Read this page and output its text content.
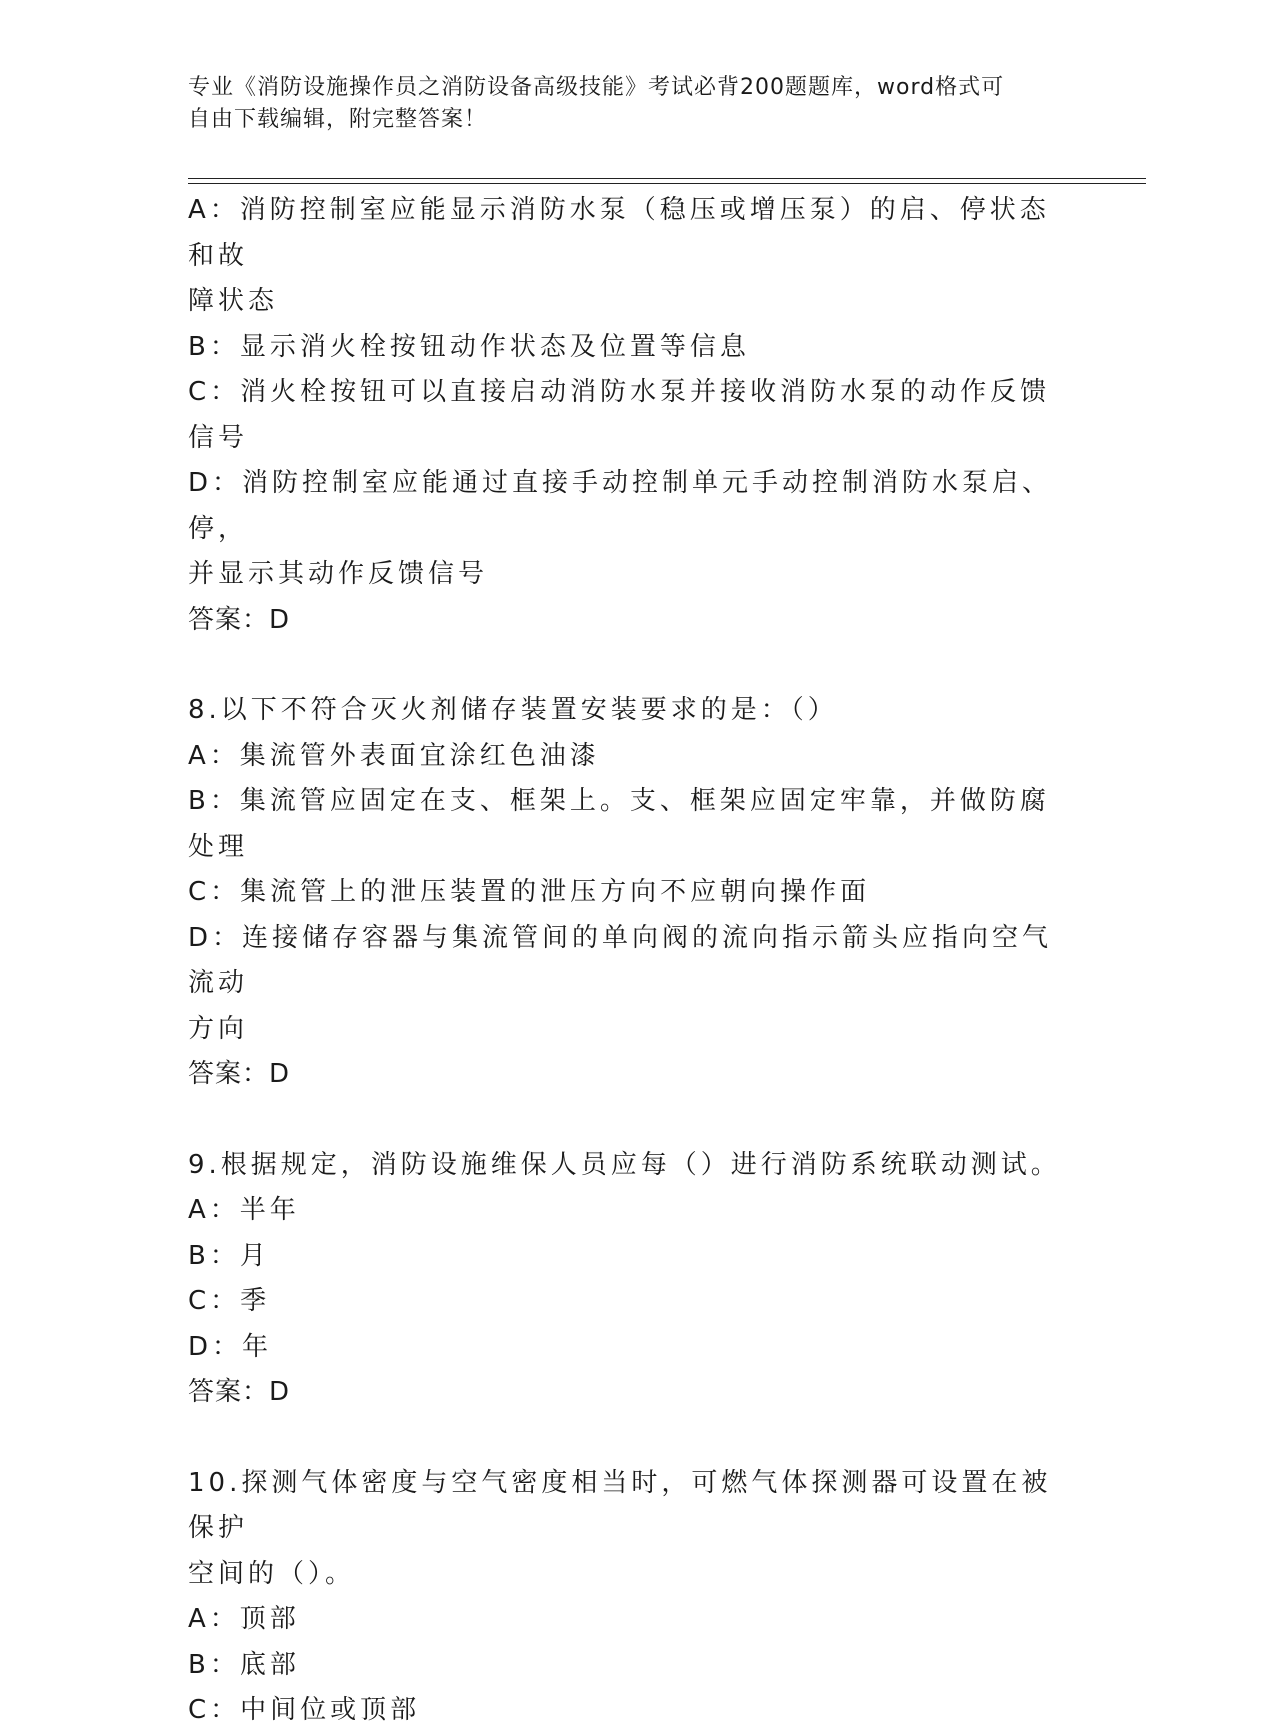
专业《消防设施操作员之消防设备高级技能》考试必背200题题库，word格式可
自由下载编辑，附完整答案！
A：消防控制室应能显示消防水泵（稳压或增压泵）的启、停状态和故
障状态
B：显示消火栓按钮动作状态及位置等信息
C：消火栓按钮可以直接启动消防水泵并接收消防水泵的动作反馈信号
D：消防控制室应能通过直接手动控制单元手动控制消防水泵启、停，
并显示其动作反馈信号
答案：D
8.以下不符合灭火剂储存装置安装要求的是：（）
A：集流管外表面宜涂红色油漆
B：集流管应固定在支、框架上。支、框架应固定牢靠，并做防腐处理
C：集流管上的泄压装置的泄压方向不应朝向操作面
D：连接储存容器与集流管间的单向阀的流向指示箭头应指向空气流动
方向
答案：D
9.根据规定，消防设施维保人员应每（）进行消防系统联动测试。
A：半年
B：月
C：季
D：年
答案：D
10.探测气体密度与空气密度相当时，可燃气体探测器可设置在被保护
空间的（）。
A：顶部
B：底部
C：中间位或顶部
